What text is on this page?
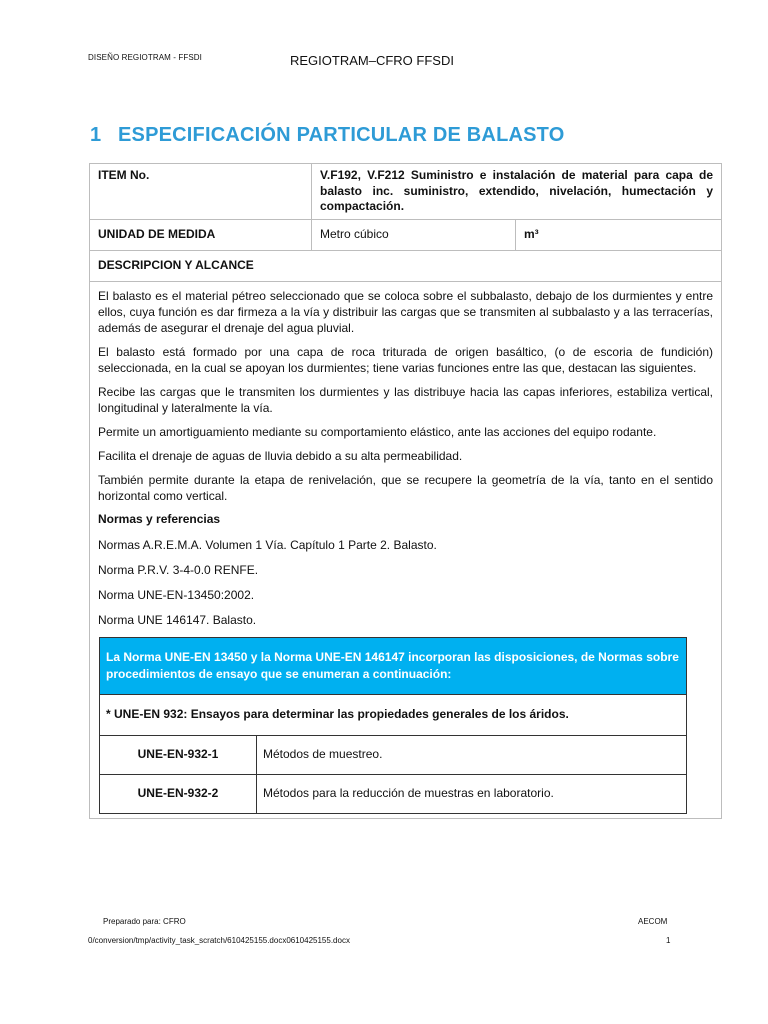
DISEÑO REGIOTRAM - FFSDI	REGIOTRAM–CFRO FFSDI
1 ESPECIFICACIÓN PARTICULAR DE BALASTO
ITEM No.	V.F192, V.F212 Suministro e instalación de material para capa de balasto inc. suministro, extendido, nivelación, humectación y compactación.
UNIDAD DE MEDIDA	Metro cúbico	m³
DESCRIPCION Y ALCANCE

El balasto es el material pétreo seleccionado que se coloca sobre el subbalasto, debajo de los durmientes y entre ellos, cuya función es dar firmeza a la vía y distribuir las cargas que se transmiten al subbalasto y a las terracerías, además de asegurar el drenaje del agua pluvial.

El balasto está formado por una capa de roca triturada de origen basáltico, (o de escoria de fundición) seleccionada, en la cual se apoyan los durmientes; tiene varias funciones entre las que, destacan las siguientes.

Recibe las cargas que le transmiten los durmientes y las distribuye hacia las capas inferiores, estabiliza vertical, longitudinal y lateralmente la vía.

Permite un amortiguamiento mediante su comportamiento elástico, ante las acciones del equipo rodante.

Facilita el drenaje de aguas de lluvia debido a su alta permeabilidad.

También permite durante la etapa de renivelación, que se recupere la geometría de la vía, tanto en el sentido horizontal como vertical.

Normas y referencias

Normas A.R.E.M.A. Volumen 1 Vía. Capítulo 1 Parte 2. Balasto.

Norma P.R.V. 3-4-0.0 RENFE.

Norma UNE-EN-13450:2002.

Norma UNE 146147. Balasto.

La Norma UNE-EN 13450 y la Norma UNE-EN 146147 incorporan las disposiciones, de Normas sobre procedimientos de ensayo que se enumeran a continuación:
* UNE-EN 932: Ensayos para determinar las propiedades generales de los áridos.
UNE-EN-932-1	Métodos de muestreo.
UNE-EN-932-2	Métodos para la reducción de muestras en laboratorio.
Preparado para: CFRO	AECOM
0/conversion/tmp/activity_task_scratch/610425155.docx0610425155.docx	1
